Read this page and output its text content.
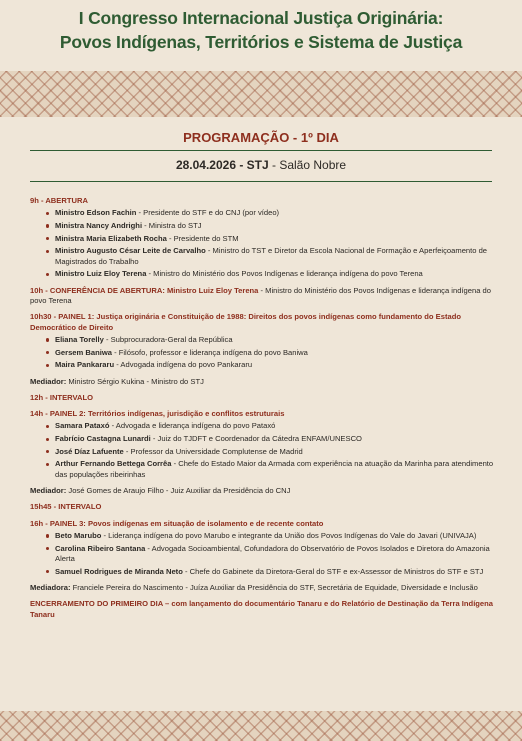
I Congresso Internacional Justiça Originária:
Povos Indígenas, Territórios e Sistema de Justiça
PROGRAMAÇÃO - 1º DIA
28.04.2026 - STJ - Salão Nobre
9h - ABERTURA
Ministro Edson Fachin - Presidente do STF e do CNJ (por vídeo)
Ministra Nancy Andrighi - Ministra do STJ
Ministra Maria Elizabeth Rocha - Presidente do STM
Ministro Augusto César Leite de Carvalho - Ministro do TST e Diretor da Escola Nacional de Formação e Aperfeiçoamento de Magistrados do Trabalho
Ministro Luiz Eloy Terena - Ministro do Ministério dos Povos Indígenas e liderança indígena do povo Terena
10h - CONFERÊNCIA DE ABERTURA: Ministro Luiz Eloy Terena - Ministro do Ministério dos Povos Indígenas e liderança indígena do povo Terena
10h30 - PAINEL 1: Justiça originária e Constituição de 1988: Direitos dos povos indígenas como fundamento do Estado Democrático de Direito
Eliana Torelly - Subprocuradora-Geral da República
Gersem Baniwa - Filósofo, professor e liderança indígena do povo Baniwa
Maira Pankararu - Advogada indígena do povo Pankararu
Mediador: Ministro Sérgio Kukina - Ministro do STJ
12h - INTERVALO
14h - PAINEL 2: Territórios indígenas, jurisdição e conflitos estruturais
Samara Pataxó - Advogada e liderança indígena do povo Pataxó
Fabrício Castagna Lunardi - Juiz do TJDFT e Coordenador da Cátedra ENFAM/UNESCO
José Díaz Lafuente - Professor da Universidade Complutense de Madrid
Arthur Fernando Bettega Corrêa - Chefe do Estado Maior da Armada com experiência na atuação da Marinha para atendimento das populações ribeirinhas
Mediador: José Gomes de Araujo Filho - Juiz Auxiliar da Presidência do CNJ
15h45 - INTERVALO
16h - PAINEL 3: Povos indígenas em situação de isolamento e de recente contato
Beto Marubo - Liderança indígena do povo Marubo e integrante da União dos Povos Indígenas do Vale do Javari (UNIVAJA)
Carolina Ribeiro Santana - Advogada Socioambiental, Cofundadora do Observatório de Povos Isolados e Diretora do Amazonia Alerta
Samuel Rodrigues de Miranda Neto - Chefe do Gabinete da Diretora-Geral do STF e ex-Assessor de Ministros do STF e STJ
Mediadora: Franciele Pereira do Nascimento - Juíza Auxiliar da Presidência do STF, Secretária de Equidade, Diversidade e Inclusão
ENCERRAMENTO DO PRIMEIRO DIA – com lançamento do documentário Tanaru e do Relatório de Destinação da Terra Indígena Tanaru
